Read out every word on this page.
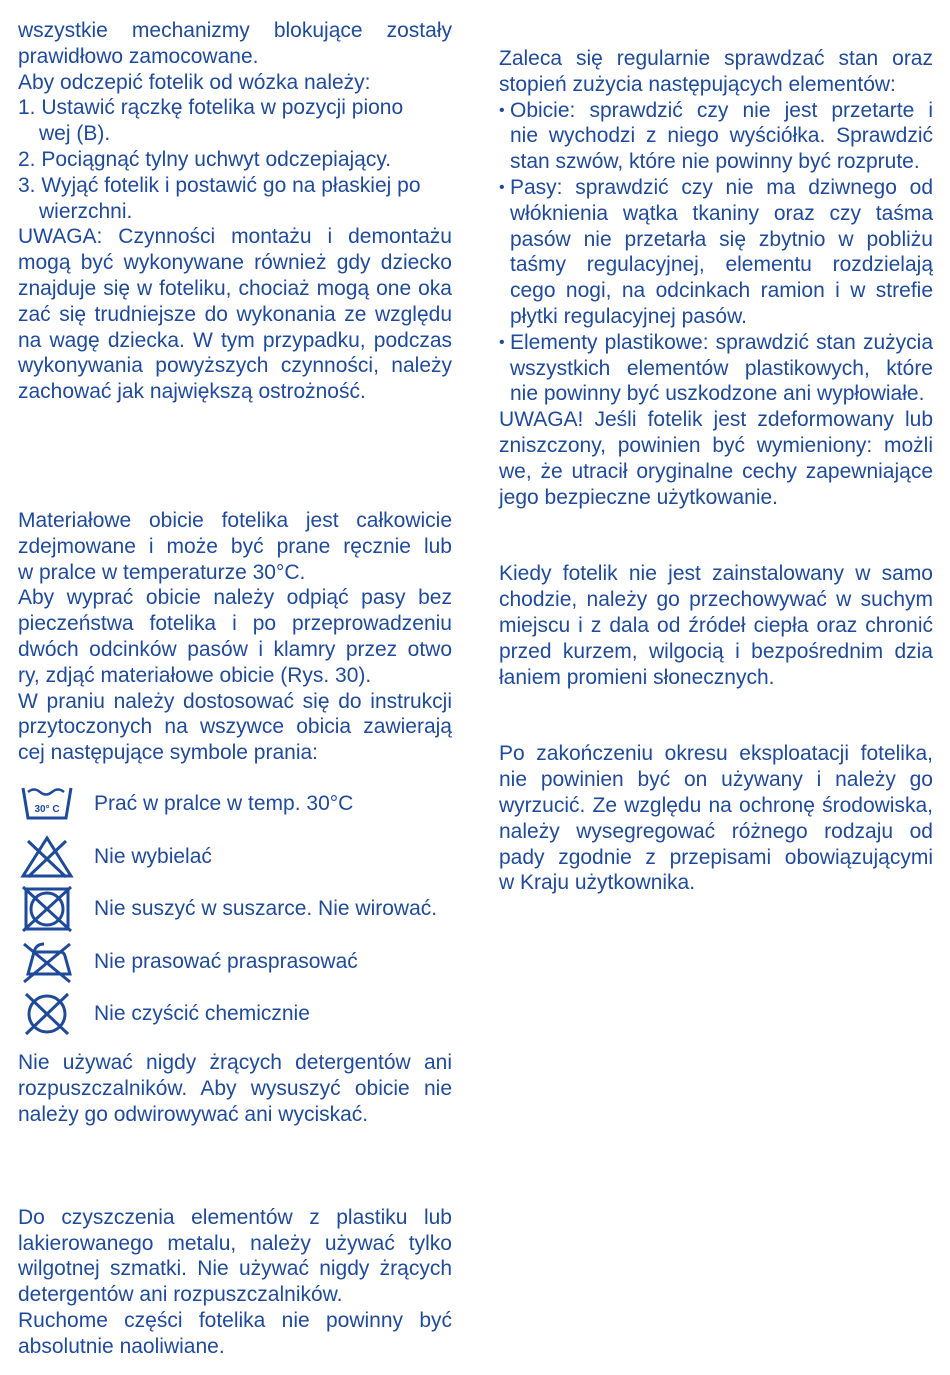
wszystkie mechanizmy blokujące zostały
prawidłowo zamocowane.
Aby odczepić fotelik od wózka należy:
1. Ustawić rączkę fotelika w pozycji piono
wej (B).
2. Pociągnąć tylny uchwyt odczepiający.
3. Wyjąć fotelik i postawić go na płaskiej po
wierzchni.
UWAGA: Czynności montażu i demontażu
mogą być wykonywane również gdy dziecko
znajduje się w foteliku, chociaż mogą one oka
zać się trudniejsze do wykonania ze względu
na wagę dziecka. W tym przypadku, podczas
wykonywania powyższych czynności, należy
zachować jak największą ostrożność.
Materiałowe obicie fotelika jest całkowicie
zdejmowane i może być prane ręcznie lub
w pralce w temperaturze 30°C.
Aby wyprać obicie należy odpiąć pasy bez
pieczeństwa fotelika i po przeprowadzeniu
dwóch odcinków pasów i klamry przez otwo
ry, zdjąć materiałowe obicie (Rys. 30).
W praniu należy dostosować się do instrukcji
przytoczonych na wszywce obicia zawierają
cej następujące symbole prania:
30° C Prać w pralce w temp. 30°C
Nie wybielać
Nie suszyć w suszarce. Nie wirować.
Nie prasować prasprasować
Nie czyścić chemicznie
Nie używać nigdy żrących detergentów ani
rozpuszczalników. Aby wysuszyć obicie nie
należy go odwirowywać ani wyciskać.
Do czyszczenia elementów z plastiku lub
lakierowanego metalu, należy używać tylko
wilgotnej szmatki. Nie używać nigdy żrących
detergentów ani rozpuszczalników.
Ruchome części fotelika nie powinny być
absolutnie naoliwiane.
Zaleca się regularnie sprawdzać stan oraz
stopień zużycia następujących elementów:
• Obicie: sprawdzić czy nie jest przetarte i
nie wychodzi z niego wyściółka. Sprawdzić
stan szwów, które nie powinny być rozprute.
• Pasy: sprawdzić czy nie ma dziwnego od
włóknienia wątka tkaniny oraz czy taśma
pasów nie przetarła się zbytnio w pobliżu
taśmy regulacyjnej, elementu rozdzielają
cego nogi, na odcinkach ramion i w strefie
płytki regulacyjnej pasów.
• Elementy plastikowe: sprawdzić stan zużycia
wszystkich elementów plastikowych, które
nie powinny być uszkodzone ani wypłowiałe.
UWAGA! Jeśli fotelik jest zdeformowany lub
zniszczony, powinien być wymieniony: możli
we, że utracił oryginalne cechy zapewniające
jego bezpieczne użytkowanie.
Kiedy fotelik nie jest zainstalowany w samo
chodzie, należy go przechowywać w suchym
miejscu i z dala od źródeł ciepła oraz chronić
przed kurzem, wilgocią i bezpośrednim dzia
łaniem promieni słonecznych.
Po zakończeniu okresu eksploatacji fotelika,
nie powinien być on używany i należy go
wyrzucić. Ze względu na ochronę środowiska,
należy wysegregować różnego rodzaju od
pady zgodnie z przepisami obowiązującymi
w Kraju użytkownika.
